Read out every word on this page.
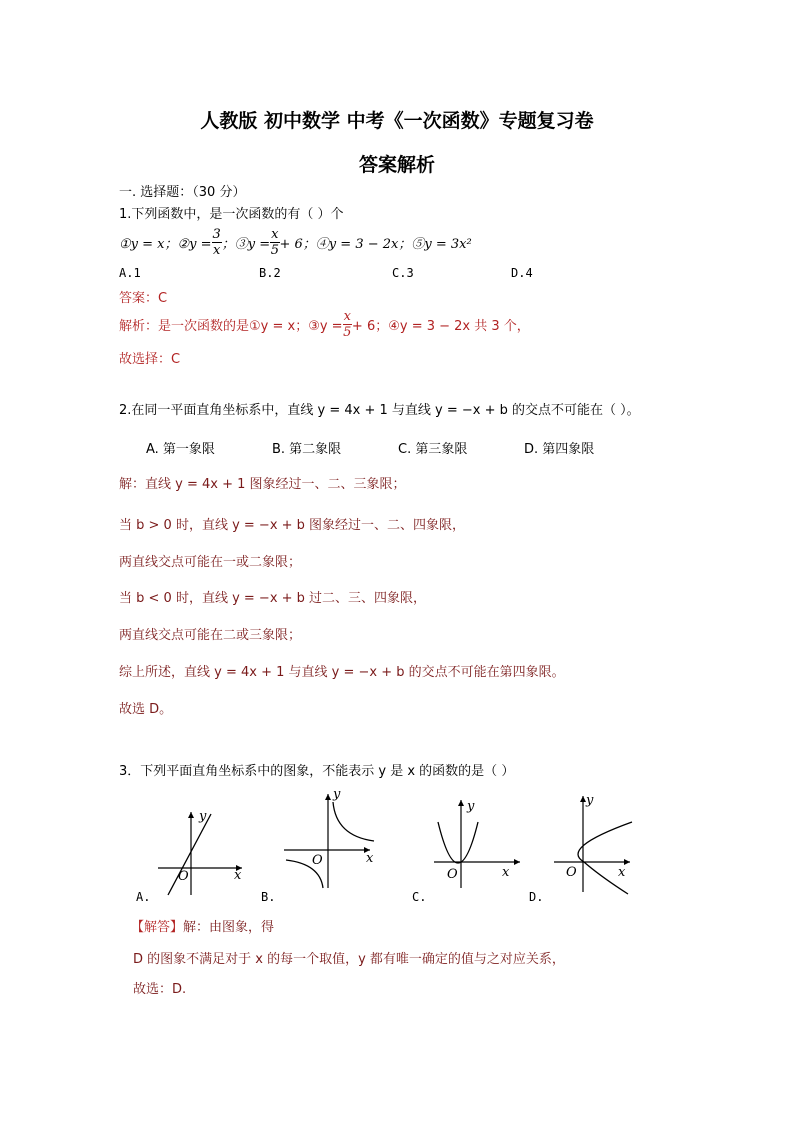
人教版 初中数学 中考《一次函数》专题复习卷
答案解析
一. 选择题：（30 分）
1.下列函数中，是一次函数的有（ ）个
①y = x；②y = $\frac{3}{x}$ ；③y = $\frac{x}{5} + 6$；④y = 3 − 2x；⑤y = 3x²
A.1	B.2	C.3	D.4
答案：C
解析：是一次函数的是①y = x；③y = $\frac{x}{5} + 6$；④y = 3 − 2x 共 3 个，
故选择：C
2.在同一平面直角坐标系中，直线 y = 4x + 1 与直线 y = −x + b 的交点不可能在（ ）。
A. 第一象限	B. 第二象限	C. 第三象限	D. 第四象限
解：直线 y = 4x + 1 图象经过一、二、三象限；
当 b > 0 时，直线 y = −x + b 图象经过一、二、四象限，
两直线交点可能在一或二象限；
当 b < 0 时，直线 y = −x + b 过二、三、四象限，
两直线交点可能在二或三象限；
综上所述，直线 y = 4x + 1 与直线 y = −x + b 的交点不可能在第四象限。
故选 D。
3．下列平面直角坐标系中的图象，不能表示 y 是 x 的函数的是（ ）
y
x
O
A.
y
x
O
B.
y
x
O
C.
y
x
O
D.
【解答】解：由图象，得
D 的图象不满足对于 x 的每一个取值，y 都有唯一确定的值与之对应关系，
故选：D.
